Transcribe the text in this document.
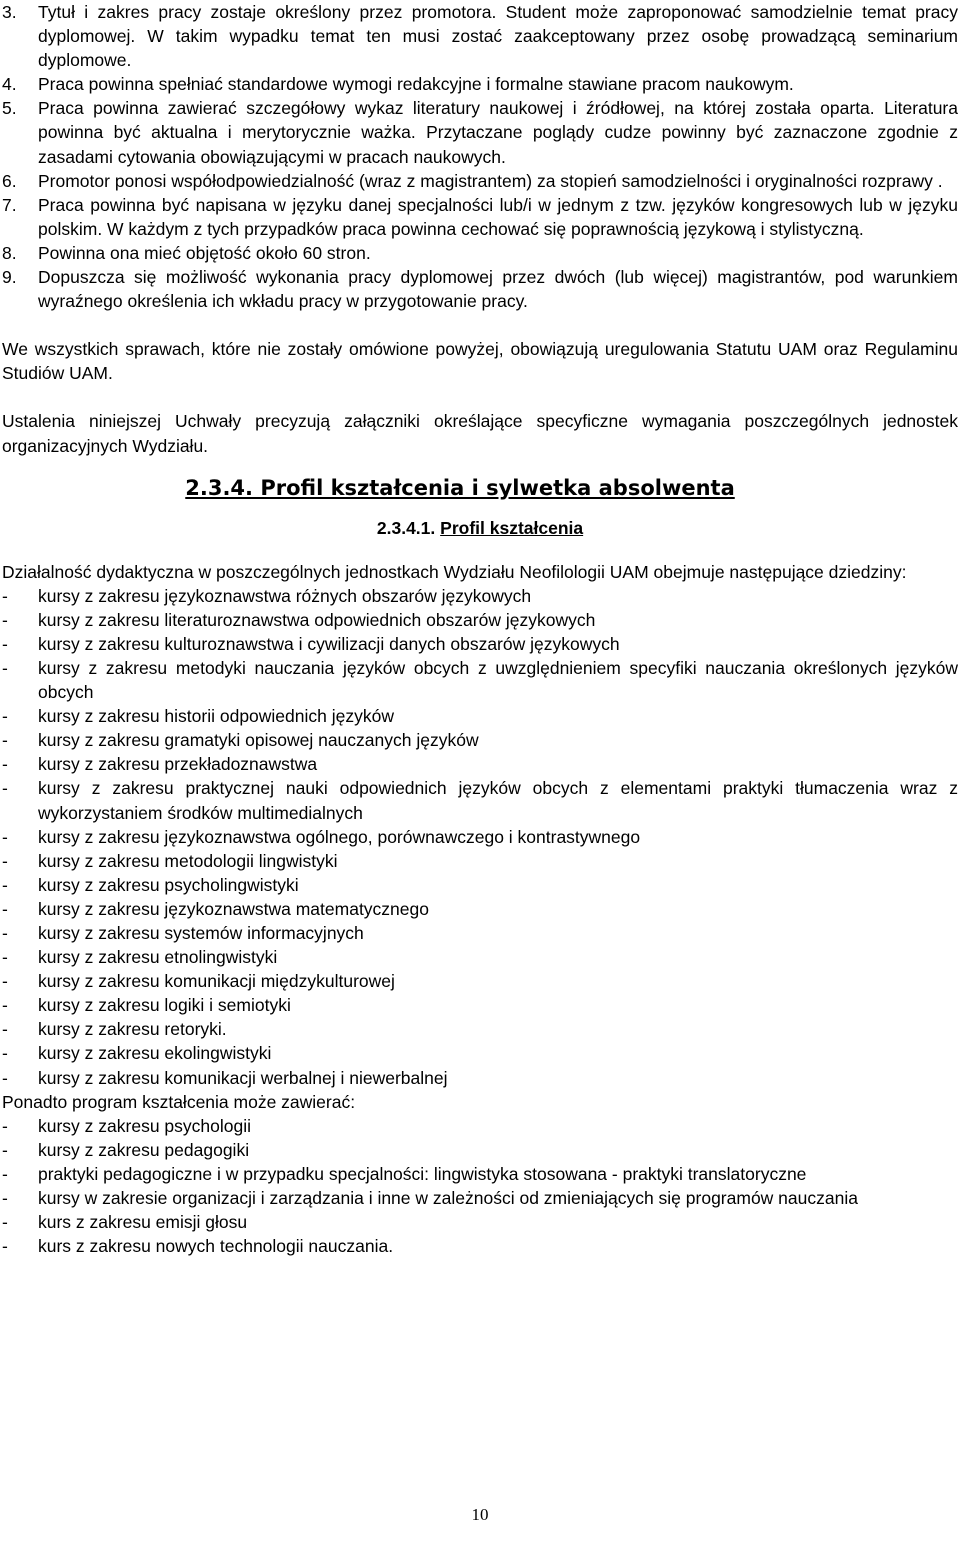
3.	Tytuł i zakres pracy zostaje określony przez promotora. Student może zaproponować samodzielnie temat pracy dyplomowej. W takim wypadku temat ten musi zostać zaakceptowany przez osobę prowadzącą seminarium dyplomowe.
4.	Praca powinna spełniać standardowe wymogi redakcyjne i formalne stawiane pracom naukowym.
5.	Praca powinna zawierać szczegółowy wykaz literatury naukowej i źródłowej, na której została oparta. Literatura powinna być aktualna i merytorycznie ważka. Przytaczane poglądy cudze powinny być zaznaczone zgodnie z zasadami cytowania obowiązującymi w pracach naukowych.
6.	Promotor ponosi współodpowiedzialność (wraz z magistrantem) za stopień samodzielności i oryginalności rozprawy .
7.	Praca powinna być napisana w języku danej specjalności lub/i w jednym z tzw. języków kongresowych lub w języku polskim. W każdym z tych przypadków praca powinna cechować się poprawnością językową i stylistyczną.
8.	Powinna ona mieć objętość około 60 stron.
9.	Dopuszcza się możliwość wykonania pracy dyplomowej przez dwóch (lub więcej) magistrantów, pod warunkiem wyraźnego określenia ich wkładu pracy w przygotowanie pracy.

We wszystkich sprawach, które nie zostały omówione powyżej, obowiązują uregulowania Statutu UAM oraz Regulaminu Studiów UAM.

Ustalenia niniejszej Uchwały precyzują załączniki określające specyficzne wymagania poszczególnych jednostek organizacyjnych Wydziału.

2.3.4. Profil kształcenia i sylwetka absolwenta
2.3.4.1. Profil kształcenia

Działalność dydaktyczna w poszczególnych jednostkach Wydziału Neofilologii UAM obejmuje następujące dziedziny:

-	kursy z zakresu językoznawstwa różnych obszarów językowych
-	kursy z zakresu literaturoznawstwa odpowiednich obszarów językowych
-	kursy z zakresu kulturoznawstwa i cywilizacji danych obszarów językowych
-	kursy z zakresu metodyki nauczania języków obcych z uwzględnieniem specyfiki nauczania określonych języków obcych
-	kursy z zakresu historii odpowiednich języków
-	kursy z zakresu gramatyki opisowej nauczanych języków
-	kursy z zakresu przekładoznawstwa
-	kursy z zakresu praktycznej nauki odpowiednich języków obcych z elementami praktyki tłumaczenia wraz z wykorzystaniem środków multimedialnych
-	kursy z zakresu językoznawstwa ogólnego, porównawczego i kontrastywnego
-	kursy z zakresu metodologii lingwistyki
-	kursy z zakresu psycholingwistyki
-	kursy z zakresu językoznawstwa matematycznego
-	kursy z zakresu systemów informacyjnych
-	kursy z zakresu etnolingwistyki
-	kursy z zakresu komunikacji międzykulturowej
-	kursy z zakresu logiki i semiotyki
-	kursy z zakresu retoryki.
-	kursy z zakresu ekolingwistyki
-	kursy z zakresu komunikacji werbalnej i niewerbalnej

Ponadto program kształcenia może zawierać:

-	kursy z zakresu psychologii
-	kursy z zakresu pedagogiki
-	praktyki pedagogiczne i w przypadku specjalności: lingwistyka stosowana - praktyki translatoryczne
-	kursy w zakresie organizacji i zarządzania i inne w zależności od zmieniających się programów nauczania
-	kurs z zakresu emisji głosu
-	kurs z zakresu nowych technologii nauczania.
10
